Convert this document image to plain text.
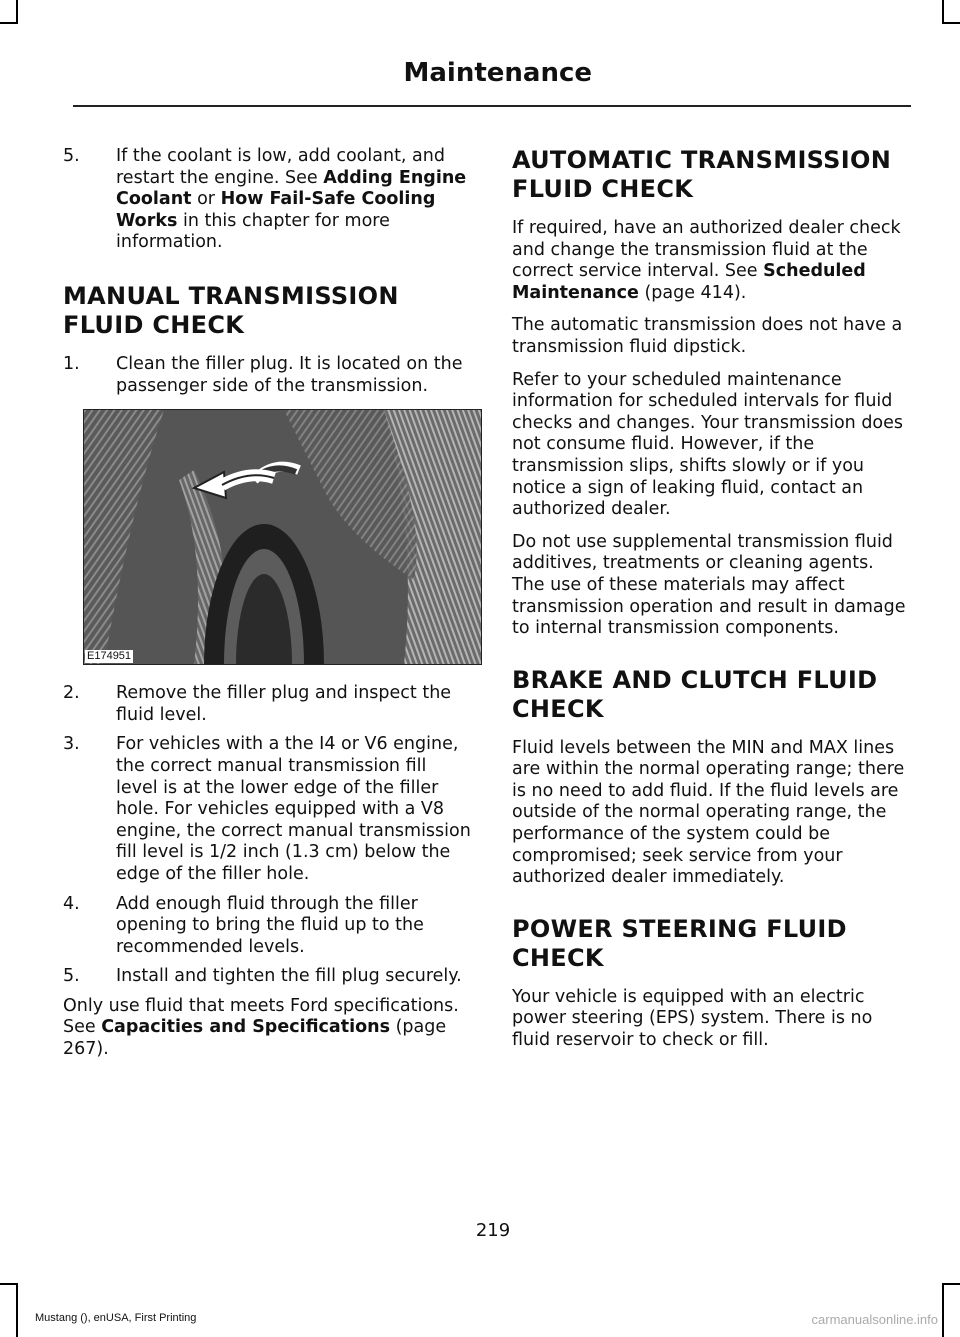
Maintenance
5. If the coolant is low, add coolant, and restart the engine. See Adding Engine Coolant or How Fail-Safe Cooling Works in this chapter for more information.
MANUAL TRANSMISSION
FLUID CHECK
1. Clean the filler plug. It is located on the passenger side of the transmission.
E174951
2. Remove the filler plug and inspect the fluid level.
3. For vehicles with a the I4 or V6 engine, the correct manual transmission fill level is at the lower edge of the filler hole. For vehicles equipped with a V8 engine, the correct manual transmission fill level is 1/2 inch (1.3 cm) below the edge of the filler hole.
4. Add enough fluid through the filler opening to bring the fluid up to the recommended levels.
5. Install and tighten the fill plug securely.

Only use fluid that meets Ford specifications. See Capacities and Specifications (page 267).

AUTOMATIC TRANSMISSION
FLUID CHECK

If required, have an authorized dealer check and change the transmission fluid at the correct service interval. See Scheduled Maintenance (page 414).

The automatic transmission does not have a transmission fluid dipstick.

Refer to your scheduled maintenance information for scheduled intervals for fluid checks and changes. Your transmission does not consume fluid. However, if the transmission slips, shifts slowly or if you notice a sign of leaking fluid, contact an authorized dealer.

Do not use supplemental transmission fluid additives, treatments or cleaning agents. The use of these materials may affect transmission operation and result in damage to internal transmission components.

BRAKE AND CLUTCH FLUID
CHECK

Fluid levels between the MIN and MAX lines are within the normal operating range; there is no need to add fluid. If the fluid levels are outside of the normal operating range, the performance of the system could be compromised; seek service from your authorized dealer immediately.

POWER STEERING FLUID
CHECK

Your vehicle is equipped with an electric power steering (EPS) system. There is no fluid reservoir to check or fill.

219
Mustang (), enUSA, First Printing	carmanualsonline.info
